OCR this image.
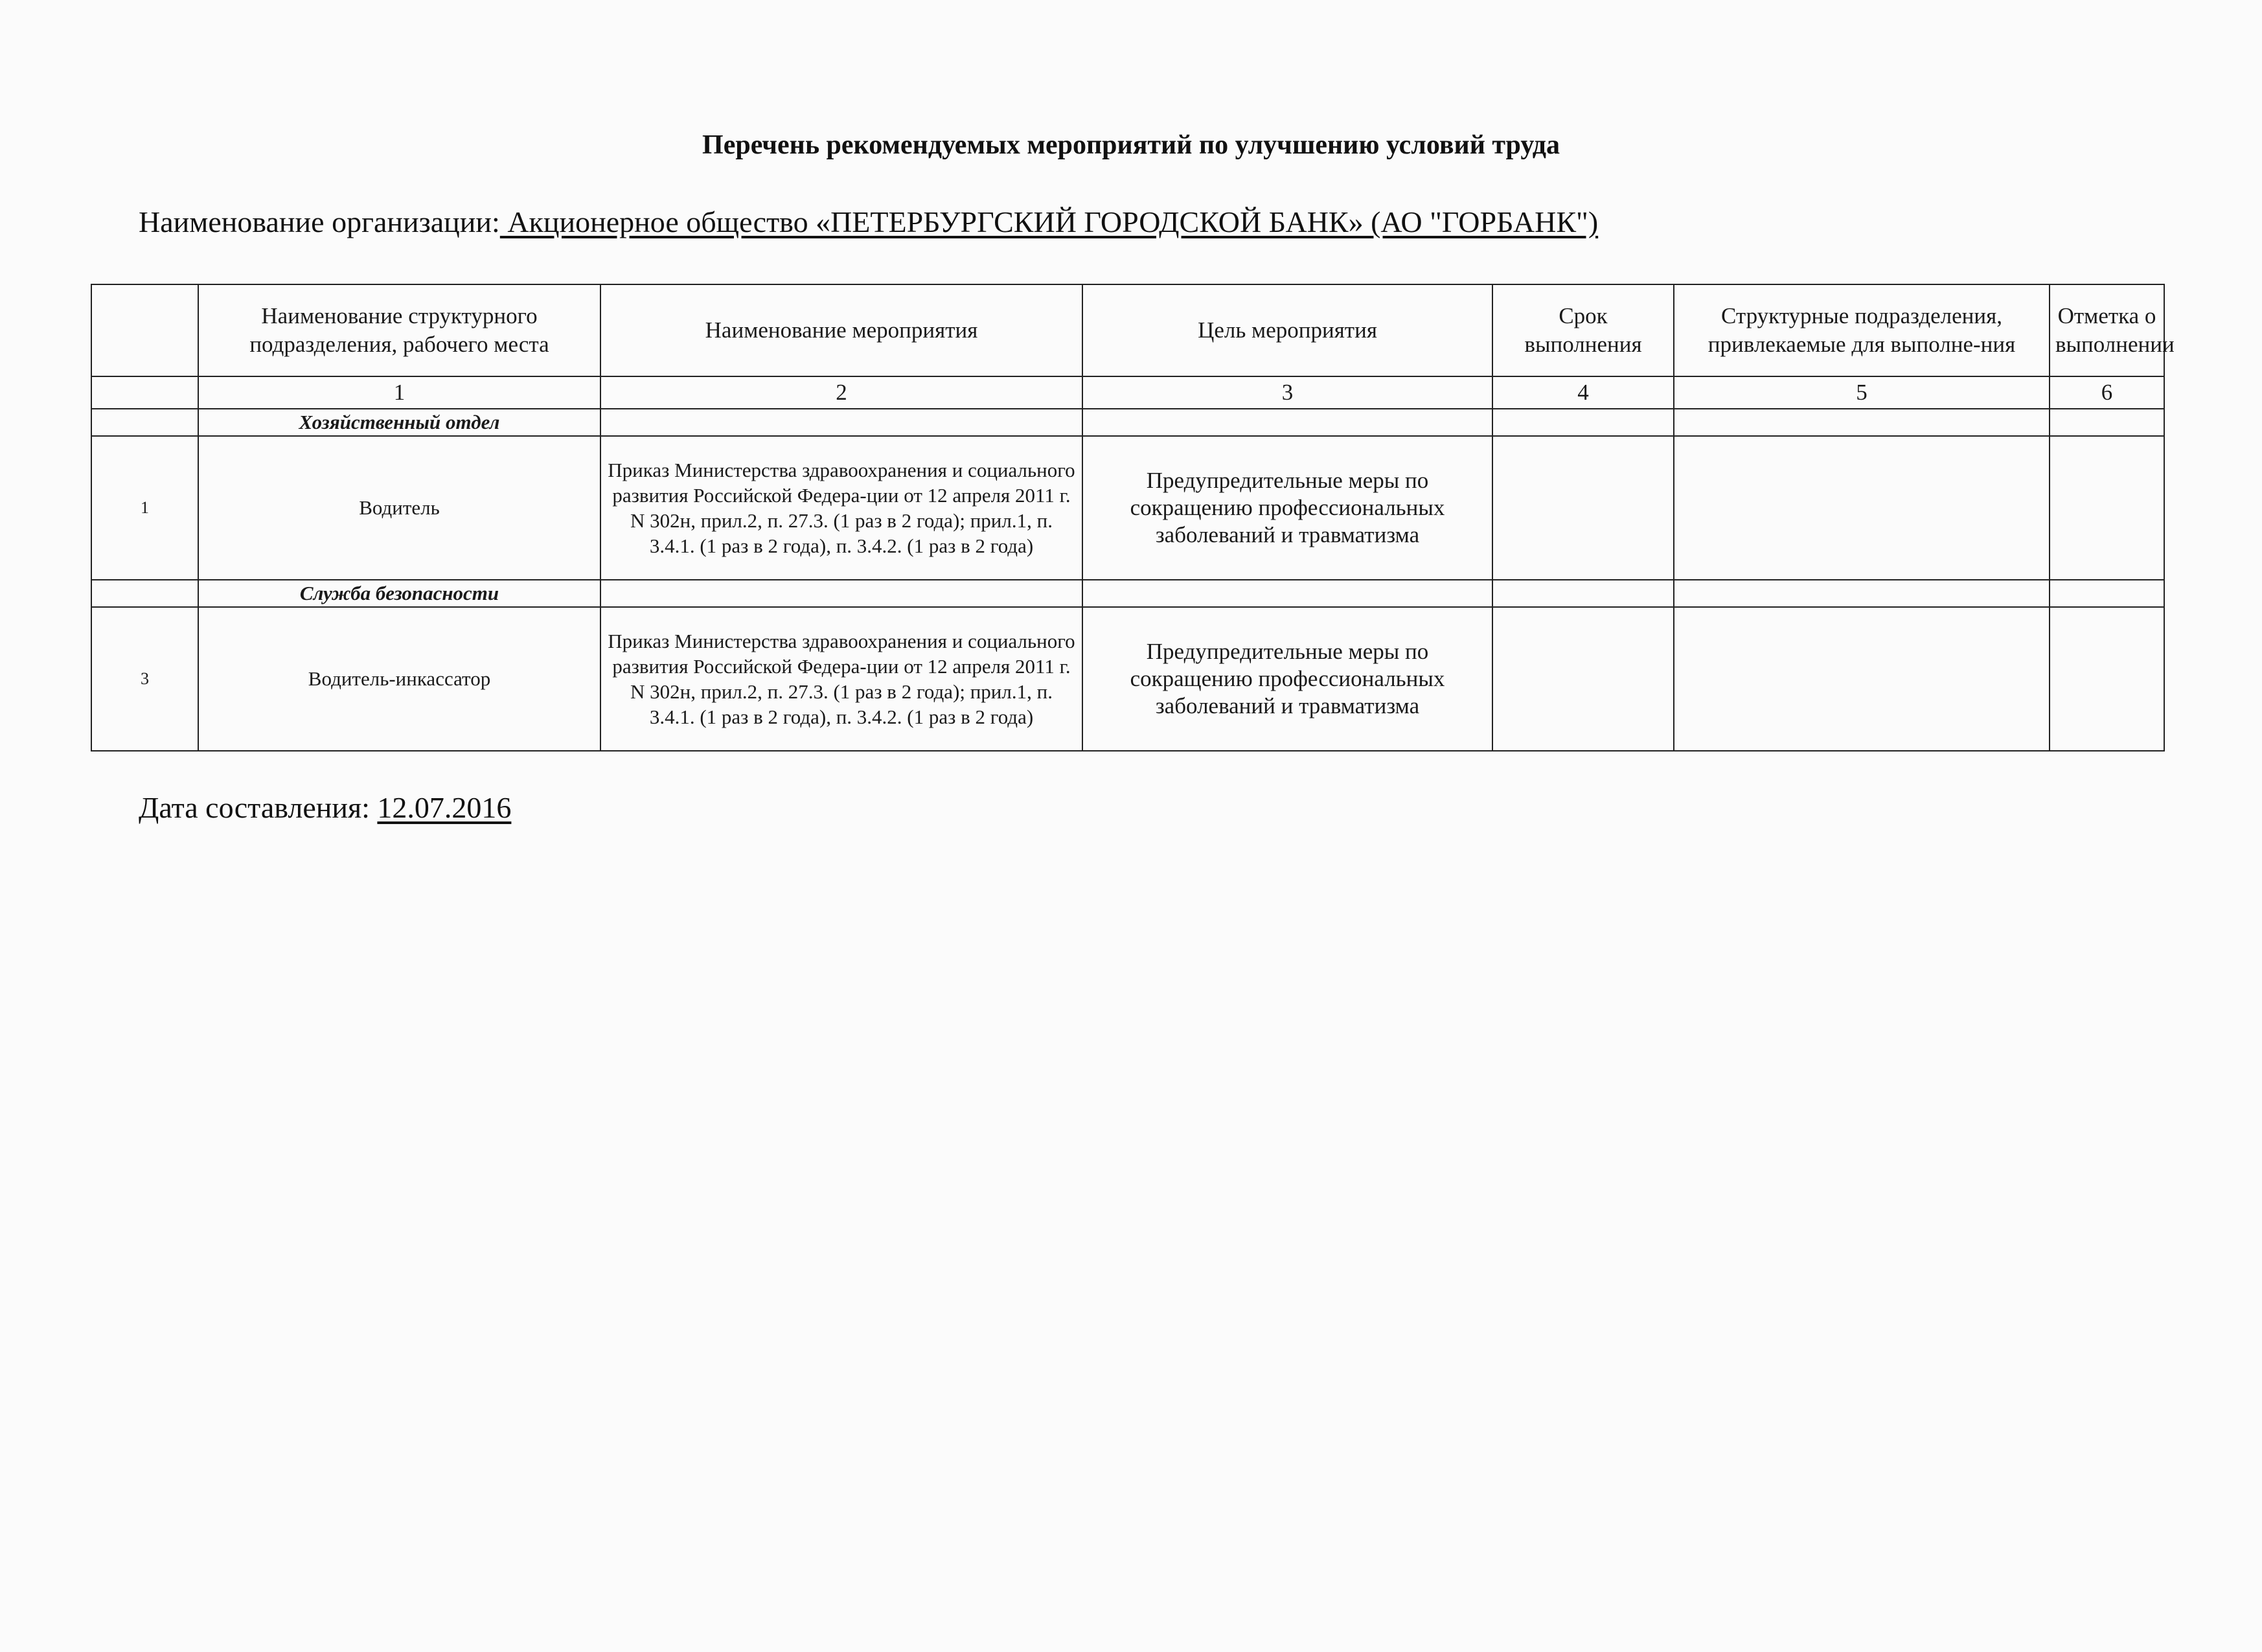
Перечень рекомендуемых мероприятий по улучшению условий труда
Наименование организации: Акционерное общество «ПЕТЕРБУРГСКИЙ ГОРОДСКОЙ БАНК» (АО "ГОРБАНК")
	Наименование структурного подразделения, рабочего места	Наименование мероприятия	Цель мероприятия	Срок выполнения	Структурные подразделения, привлекаемые для выполне-ния	Отметка о выполнении
	1	2	3	4	5	6
	Хозяйственный отдел					
1	Водитель	Приказ Министерства здравоохранения и социального развития Российской Федера-ции от 12 апреля 2011 г. N 302н, прил.2, п. 27.3. (1 раз в 2 года); прил.1, п. 3.4.1. (1 раз в 2 года), п. 3.4.2. (1 раз в 2 года)	Предупредительные меры по сокращению профессиональных заболеваний и травматизма			
	Служба безопасности					
3	Водитель-инкассатор	Приказ Министерства здравоохранения и социального развития Российской Федера-ции от 12 апреля 2011 г. N 302н, прил.2, п. 27.3. (1 раз в 2 года); прил.1, п. 3.4.1. (1 раз в 2 года), п. 3.4.2. (1 раз в 2 года)	Предупредительные меры по сокращению профессиональных заболеваний и травматизма			
Дата составления: 12.07.2016
